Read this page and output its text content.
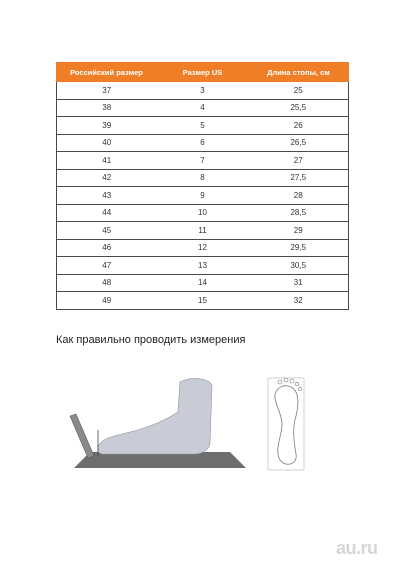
Российский размер	Размер US	Длина стопы, см
37	3	25
38	4	25,5
39	5	26
40	6	26,5
41	7	27
42	8	27,5
43	9	28
44	10	28,5
45	11	29
46	12	29,5
47	13	30,5
48	14	31
49	15	32
Как правильно проводить измерения
au.ru
